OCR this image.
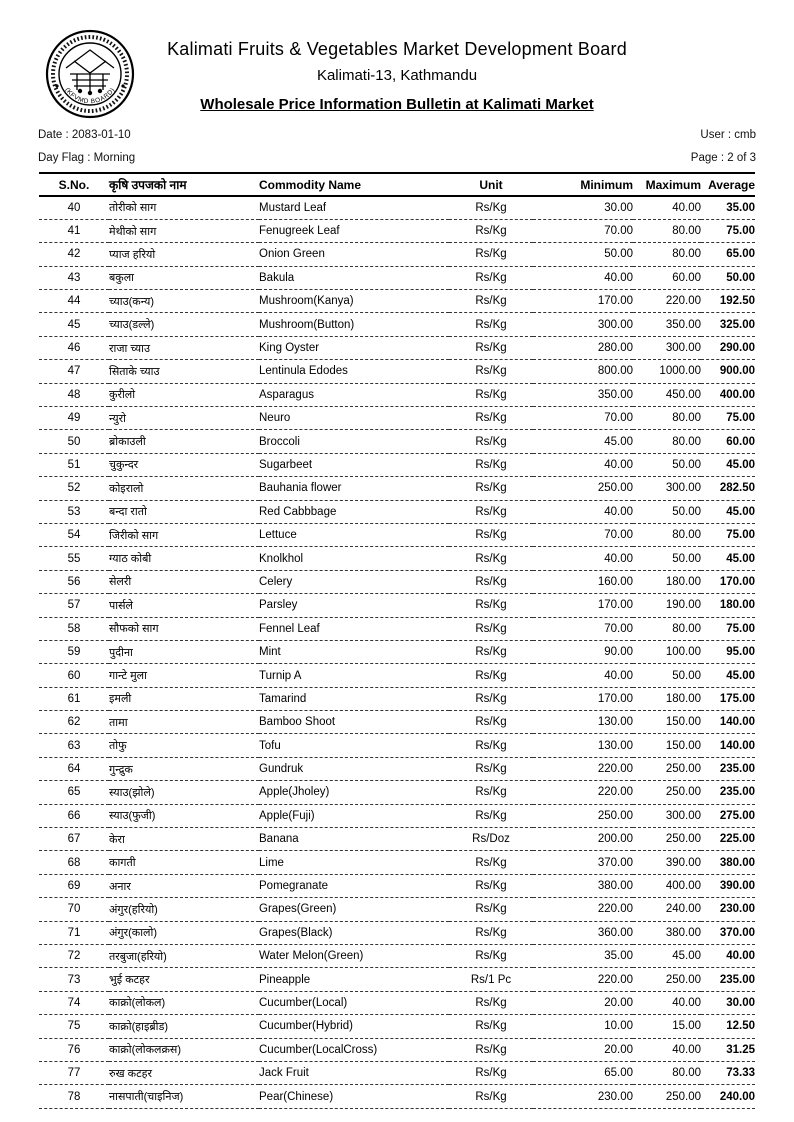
(KFVMD BOARD)
Kalimati Fruits & Vegetables Market Development Board
Kalimati-13, Kathmandu
Wholesale Price Information Bulletin at Kalimati Market
Date : 2083-01-10	User : cmb
Day Flag : Morning	Page : 2 of 3
S.No.	कृषि उपजको नाम	Commodity Name	Unit	Minimum	Maximum	Average
40	तोरीको साग	Mustard Leaf	Rs/Kg	30.00	40.00	35.00
41	मेथीको साग	Fenugreek Leaf	Rs/Kg	70.00	80.00	75.00
42	प्याज हरियो	Onion Green	Rs/Kg	50.00	80.00	65.00
43	बकुला	Bakula	Rs/Kg	40.00	60.00	50.00
44	च्याउ(कन्य)	Mushroom(Kanya)	Rs/Kg	170.00	220.00	192.50
45	च्याउ(डल्ले)	Mushroom(Button)	Rs/Kg	300.00	350.00	325.00
46	राजा च्याउ	King Oyster	Rs/Kg	280.00	300.00	290.00
47	सिताके च्याउ	Lentinula Edodes	Rs/Kg	800.00	1000.00	900.00
48	कुरीलो	Asparagus	Rs/Kg	350.00	450.00	400.00
49	न्युरो	Neuro	Rs/Kg	70.00	80.00	75.00
50	ब्रोकाउली	Broccoli	Rs/Kg	45.00	80.00	60.00
51	चुकुन्दर	Sugarbeet	Rs/Kg	40.00	50.00	45.00
52	कोइरालो	Bauhania flower	Rs/Kg	250.00	300.00	282.50
53	बन्दा रातो	Red Cabbbage	Rs/Kg	40.00	50.00	45.00
54	जिरीको साग	Lettuce	Rs/Kg	70.00	80.00	75.00
55	ग्याठ कोबी	Knolkhol	Rs/Kg	40.00	50.00	45.00
56	सेलरी	Celery	Rs/Kg	160.00	180.00	170.00
57	पार्सले	Parsley	Rs/Kg	170.00	190.00	180.00
58	सौफको साग	Fennel Leaf	Rs/Kg	70.00	80.00	75.00
59	पुदीना	Mint	Rs/Kg	90.00	100.00	95.00
60	गान्टे मुला	Turnip A	Rs/Kg	40.00	50.00	45.00
61	इमली	Tamarind	Rs/Kg	170.00	180.00	175.00
62	तामा	Bamboo Shoot	Rs/Kg	130.00	150.00	140.00
63	तोफु	Tofu	Rs/Kg	130.00	150.00	140.00
64	गुन्द्रुक	Gundruk	Rs/Kg	220.00	250.00	235.00
65	स्याउ(झोले)	Apple(Jholey)	Rs/Kg	220.00	250.00	235.00
66	स्याउ(फुजी)	Apple(Fuji)	Rs/Kg	250.00	300.00	275.00
67	केरा	Banana	Rs/Doz	200.00	250.00	225.00
68	कागती	Lime	Rs/Kg	370.00	390.00	380.00
69	अनार	Pomegranate	Rs/Kg	380.00	400.00	390.00
70	अंगुर(हरियो)	Grapes(Green)	Rs/Kg	220.00	240.00	230.00
71	अंगुर(कालो)	Grapes(Black)	Rs/Kg	360.00	380.00	370.00
72	तरबुजा(हरियो)	Water Melon(Green)	Rs/Kg	35.00	45.00	40.00
73	भुई कटहर	Pineapple	Rs/1 Pc	220.00	250.00	235.00
74	काक्रो(लोकल)	Cucumber(Local)	Rs/Kg	20.00	40.00	30.00
75	काक्रो(हाइब्रीड)	Cucumber(Hybrid)	Rs/Kg	10.00	15.00	12.50
76	काक्रो(लोकलक्रस)	Cucumber(LocalCross)	Rs/Kg	20.00	40.00	31.25
77	रुख कटहर	Jack Fruit	Rs/Kg	65.00	80.00	73.33
78	नासपाती(चाइनिज)	Pear(Chinese)	Rs/Kg	230.00	250.00	240.00
